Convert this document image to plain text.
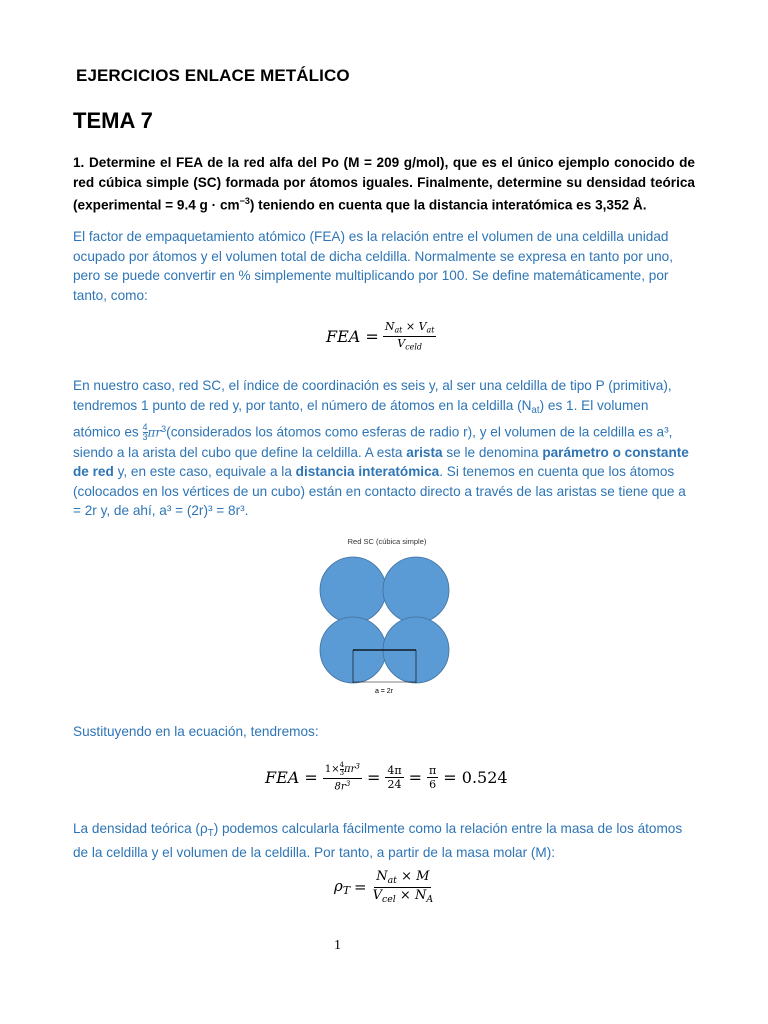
EJERCICIOS ENLACE METÁLICO
TEMA 7
1. Determine el FEA de la red alfa del Po (M = 209 g/mol), que es el único ejemplo conocido de red cúbica simple (SC) formada por átomos iguales. Finalmente, determine su densidad teórica (experimental = 9.4 $g \cdot cm^{-3}$) teniendo en cuenta que la distancia interatómica es 3,352 Å.
El factor de empaquetamiento atómico (FEA) es la relación entre el volumen de una celdilla unidad ocupado por átomos y el volumen total de dicha celdilla. Normalmente se expresa en tanto por uno, pero se puede convertir en % simplemente multiplicando por 100. Se define matemáticamente, por tanto, como:
FEA = $\frac{N_{at} \times V_{at}}{V_{celd}}$
En nuestro caso, red SC, el índice de coordinación es seis y, al ser una celdilla de tipo P (primitiva), tendremos 1 punto de red y, por tanto, el número de átomos en la celdilla $(N_{at})$ es 1. El volumen atómico es $\frac{4}{3}$ $\pi r^3(considerados$ los átomos como esferas de radio r), y el volumen de la celdilla es a³, siendo a la arista del cubo que define la celdilla. A esta arista se le denomina parámetro o constante de red y, en este caso, equivale a la distancia interatómica. Si tenemos en cuenta que los átomos (colocados en los vértices de un cubo) están en contacto directo a través de las aristas se tiene que a = 2r y, de ahí, a³ = (2r)³ = 8r³.
Red SC (cúbica simple)
a = 2r
Sustituyendo en la ecuación, tendremos:
FEA = $\frac{1\times \frac{4}{3} \pi r^3}{8r^3} = \frac{4\pi}{24} = \frac{\pi}{6} = 0.524$
La densidad teórica $(\rho_T)$ podemos calcularla fácilmente como la relación entre la masa de los átomos de la celdilla y el volumen de la celdilla. Por tanto, a partir de la masa molar (M):
$\rho_T = \frac{N_{at} \times M}{V_{cel} \times N_A}$
1
